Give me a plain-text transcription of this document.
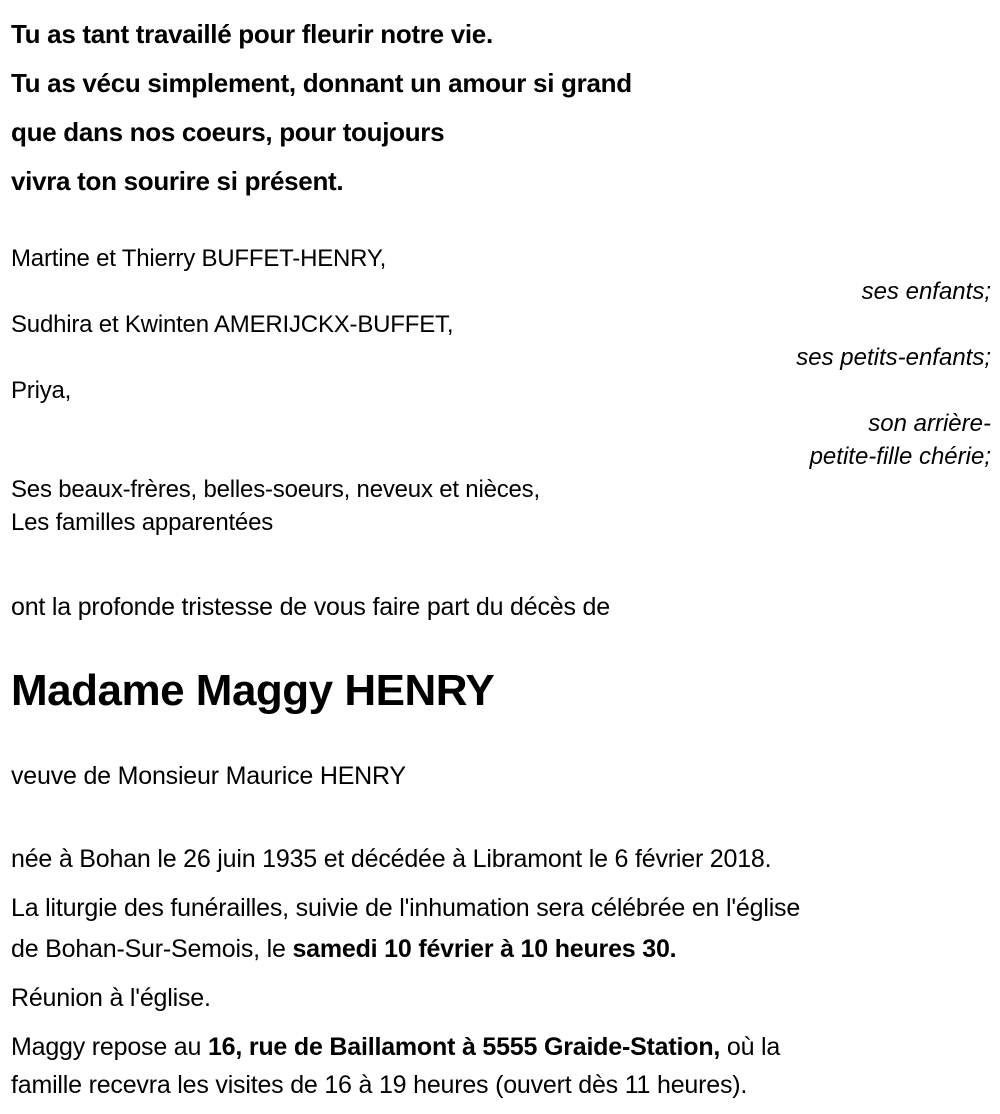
Tu as tant travaillé pour fleurir notre vie.
Tu as vécu simplement, donnant un amour si grand
que dans nos coeurs, pour toujours
vivra ton sourire si présent.
Martine et Thierry BUFFET-HENRY,
ses enfants;
Sudhira et Kwinten AMERIJCKX-BUFFET,
ses petits-enfants;
Priya,
son arrière-
petite-fille chérie;
Ses beaux-frères, belles-soeurs, neveux et nièces,
Les familles apparentées
ont la profonde tristesse de vous faire part du décès de
Madame Maggy HENRY
veuve de Monsieur Maurice HENRY
née à Bohan le 26 juin 1935 et décédée à Libramont le 6 février 2018.
La liturgie des funérailles, suivie de l'inhumation sera célébrée en l'église
de Bohan-Sur-Semois, le samedi 10 février à 10 heures 30.
Réunion à l'église.
Maggy repose au 16, rue de Baillamont à 5555 Graide-Station, où la
famille recevra les visites de 16 à 19 heures (ouvert dès 11 heures).
